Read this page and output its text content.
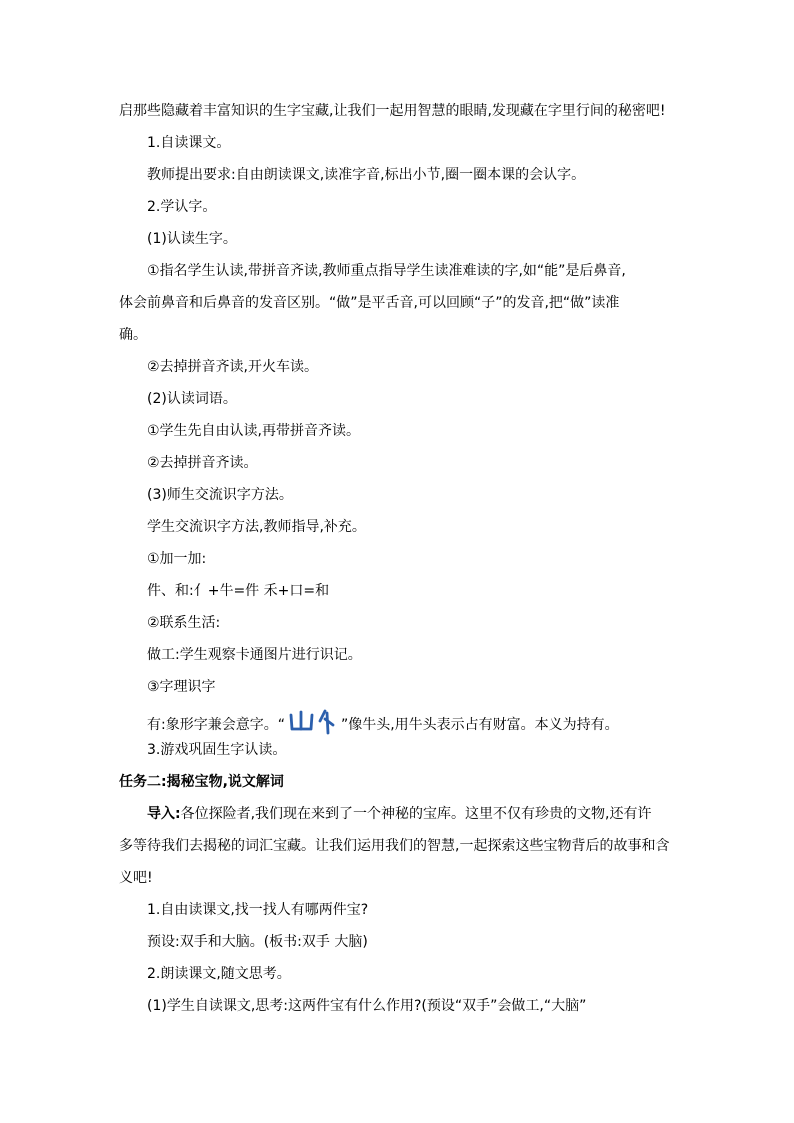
启那些隐藏着丰富知识的生字宝藏,让我们一起用智慧的眼睛,发现藏在字里行间的秘密吧!
1.自读课文。
教师提出要求:自由朗读课文,读准字音,标出小节,圈一圈本课的会认字。
2.学认字。
(1)认读生字。
①指名学生认读,带拼音齐读,教师重点指导学生读准难读的字,如“能”是后鼻音,
体会前鼻音和后鼻音的发音区别。“做”是平舌音,可以回顾“子”的发音,把“做”读准
确。
②去掉拼音齐读,开火车读。
(2)认读词语。
①学生先自由认读,再带拼音齐读。
②去掉拼音齐读。
(3)师生交流识字方法。
学生交流识字方法,教师指导,补充。
①加一加:
件、和:亻+牛=件 禾+口=和
②联系生活:
做工:学生观察卡通图片进行识记。
③字理识字
有:象形字兼会意字。“	”像牛头,用牛头表示占有财富。本义为持有。
3.游戏巩固生字认读。
任务二:揭秘宝物,说文解词
导入:各位探险者,我们现在来到了一个神秘的宝库。这里不仅有珍贵的文物,还有许
多等待我们去揭秘的词汇宝藏。让我们运用我们的智慧,一起探索这些宝物背后的故事和含
义吧!
1.自由读课文,找一找人有哪两件宝?
预设:双手和大脑。(板书:双手 大脑)
2.朗读课文,随文思考。
(1)学生自读课文,思考:这两件宝有什么作用?(预设“双手”会做工,“大脑”
